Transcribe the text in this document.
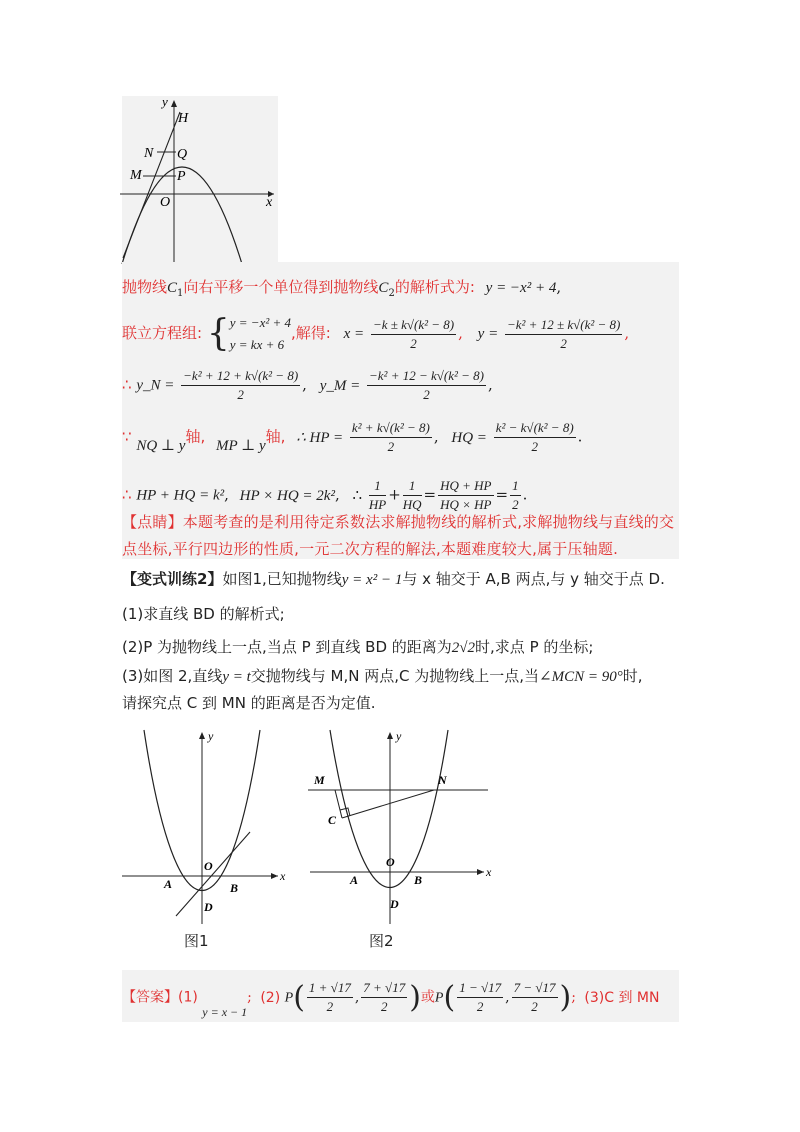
y
H
N Q
M	P
O	x
抛物线$C_1$向右平移一个单位得到抛物线$C_2$的解析式为: y = −x² + 4,
联立方程组: { y = −x² + 4
y = kx + 6
,解得: $x = \frac{\text{−k ± k√(k² − 8)}}{2}$ , $y = \frac{\text{−k² + 12 ± k√(k² − 8)}}{2}$ ,
∴ y_N = $\frac{\text{−k² + 12 + k√(k² − 8)}}{2}$ , y_M = $\frac{\text{−k² + 12 − k√(k² − 8)}}{2}$ ,
∵ NQ ⊥ y轴, MP ⊥ y轴, ∴ HP = $\frac{\text{k² + k√(k² − 8)}}{2}$ , HQ = $\frac{\text{k² − k√(k² − 8)}}{2}$ .
∴ HP + HQ = k², HP × HQ = 2k², ∴ $\frac{1}{HP} + \frac{1}{HQ} = \frac{HQ + HP}{HQ \times HP} = \frac{1}{2}$ .
【点睛】本题考查的是利用待定系数法求解抛物线的解析式,求解抛物线与直线的交点坐标,平行四边形的性质,一元二次方程的解法,本题难度较大,属于压轴题.
【变式训练2】如图1,已知抛物线y = x² − 1与 x 轴交于 A,B 两点,与 y 轴交于点 D.
(1)求直线 BD 的解析式;
(2)P 为抛物线上一点,当点 P 到直线 BD 的距离为2√2时,求点 P 的坐标;
(3)如图 2,直线y = t交抛物线与 M,N 两点,C 为抛物线上一点,当∠MCN = 90°时,
请探究点 C 到 MN 的距离是否为定值.
y
O
x
A	B
D
图1
y
M	N
C
O
x
A	B
D
图2
【答案】(1) y = x − 1; (2) $P( \frac{1 + √17}{2}$ , $\frac{7 + √17}{2}$ )或$P( \frac{1 - √17}{2}$ , $\frac{7 - √17}{2}$ ); (3)C 到 MN
